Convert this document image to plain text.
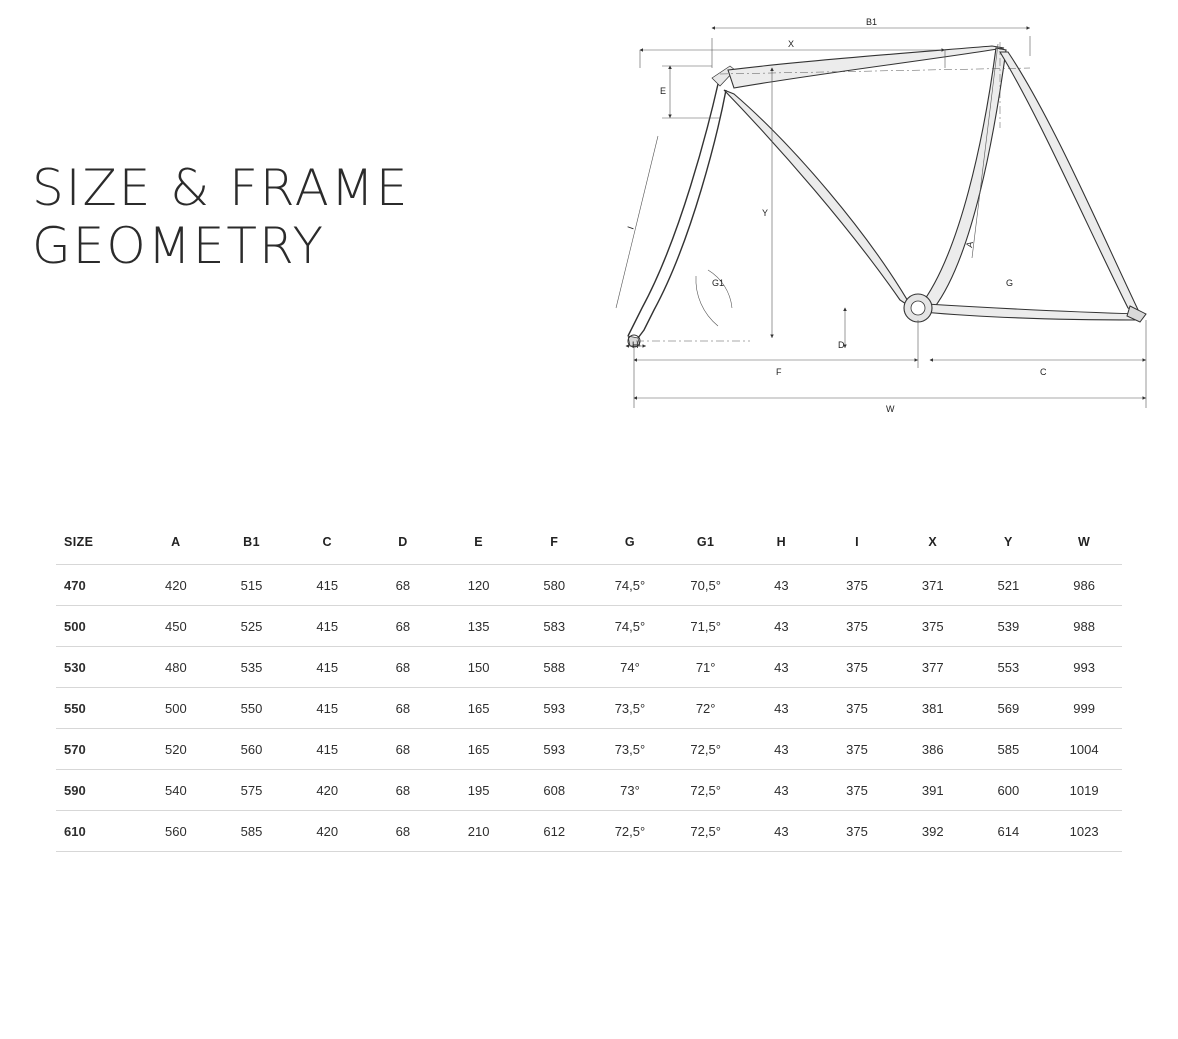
SIZE & FRAME
GEOMETRY
B1
X
E
I
Y
G1
A
G
H	D
F	C
W
SIZE	A	B1	C	D	E	F	G	G1	H	I	X	Y	W
470	420	515	415	68	120	580	74,5°	70,5°	43	375	371	521	986
500	450	525	415	68	135	583	74,5°	71,5°	43	375	375	539	988
530	480	535	415	68	150	588	74°	71°	43	375	377	553	993
550	500	550	415	68	165	593	73,5°	72°	43	375	381	569	999
570	520	560	415	68	165	593	73,5°	72,5°	43	375	386	585	1004
590	540	575	420	68	195	608	73°	72,5°	43	375	391	600	1019
610	560	585	420	68	210	612	72,5°	72,5°	43	375	392	614	1023
